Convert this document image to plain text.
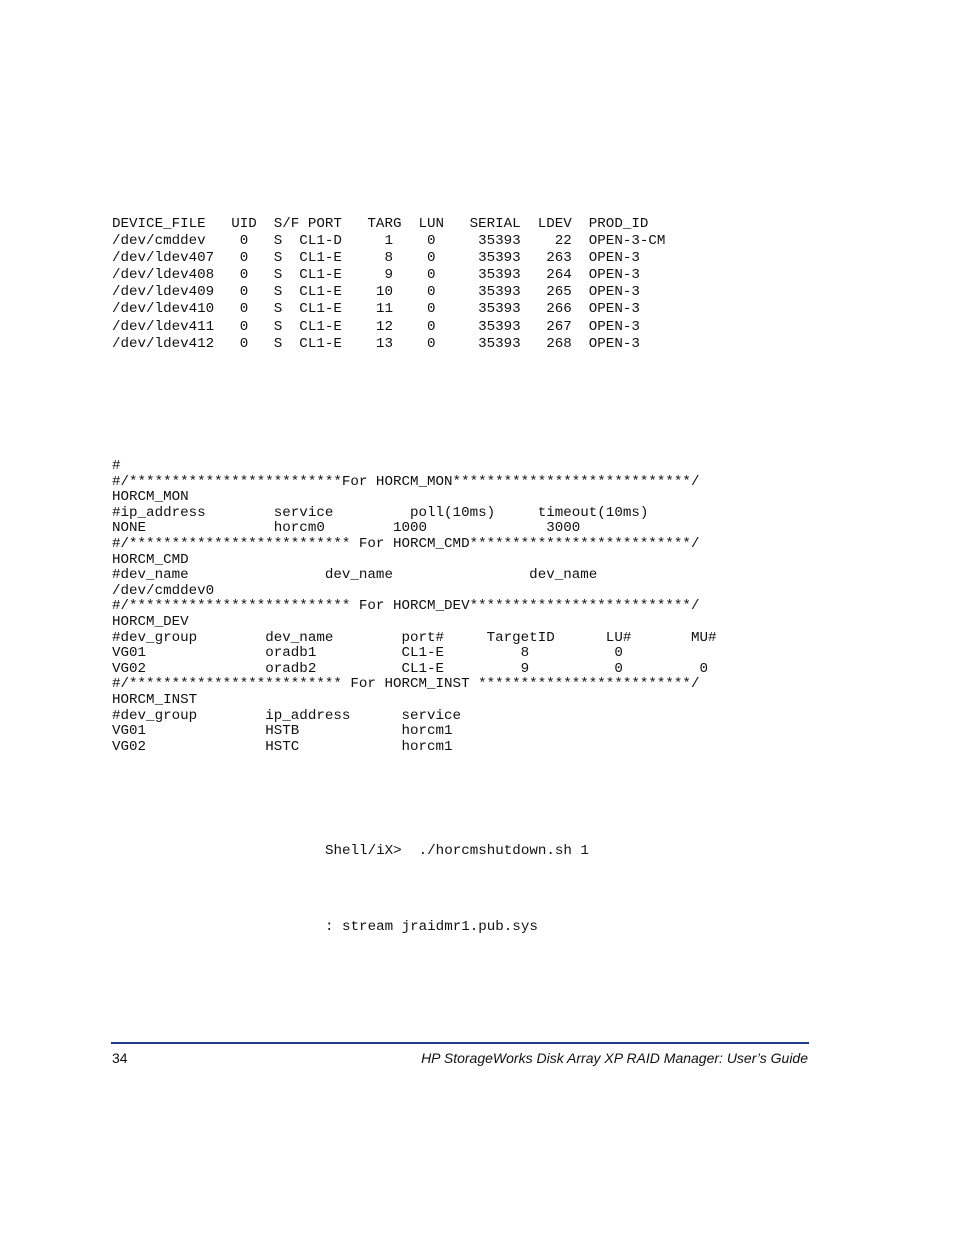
DEVICE_FILE   UID  S/F PORT   TARG  LUN   SERIAL  LDEV  PROD_ID
/dev/cmddev    0   S  CL1-D     1    0     35393    22  OPEN-3-CM
/dev/ldev407   0   S  CL1-E     8    0     35393   263  OPEN-3
/dev/ldev408   0   S  CL1-E     9    0     35393   264  OPEN-3
/dev/ldev409   0   S  CL1-E    10    0     35393   265  OPEN-3
/dev/ldev410   0   S  CL1-E    11    0     35393   266  OPEN-3
/dev/ldev411   0   S  CL1-E    12    0     35393   267  OPEN-3
/dev/ldev412   0   S  CL1-E    13    0     35393   268  OPEN-3
#
#/*************************For HORCM_MON****************************/
HORCM_MON
#ip_address        service         poll(10ms)     timeout(10ms)
NONE               horcm0        1000              3000
#/************************** For HORCM_CMD**************************/
HORCM_CMD
#dev_name                dev_name                dev_name
/dev/cmddev0
#/************************** For HORCM_DEV**************************/
HORCM_DEV
#dev_group        dev_name        port#     TargetID      LU#       MU#
VG01              oradb1          CL1-E         8          0
VG02              oradb2          CL1-E         9          0         0
#/************************* For HORCM_INST *************************/
HORCM_INST
#dev_group        ip_address      service
VG01              HSTB            horcm1
VG02              HSTC            horcm1
Shell/iX>  ./horcmshutdown.sh 1
: stream jraidmr1.pub.sys
34	HP StorageWorks Disk Array XP RAID Manager: User’s Guide
